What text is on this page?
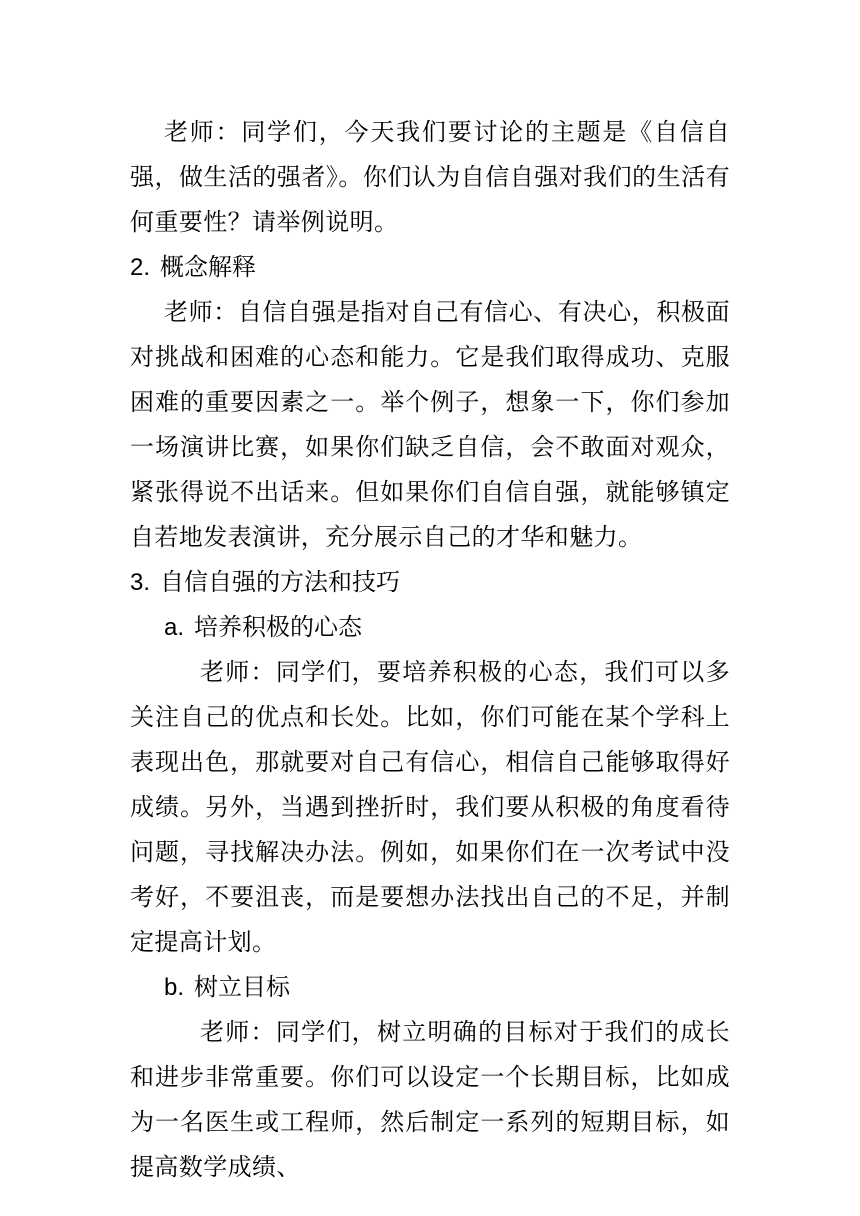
老师：同学们，今天我们要讨论的主题是《自信自强，做生活的强者》。你们认为自信自强对我们的生活有何重要性？请举例说明。

2. 概念解释

老师：自信自强是指对自己有信心、有决心，积极面对挑战和困难的心态和能力。它是我们取得成功、克服困难的重要因素之一。举个例子，想象一下，你们参加一场演讲比赛，如果你们缺乏自信，会不敢面对观众，紧张得说不出话来。但如果你们自信自强，就能够镇定自若地发表演讲，充分展示自己的才华和魅力。

3. 自信自强的方法和技巧

a. 培养积极的心态

老师：同学们，要培养积极的心态，我们可以多关注自己的优点和长处。比如，你们可能在某个学科上表现出色，那就要对自己有信心，相信自己能够取得好成绩。另外，当遇到挫折时，我们要从积极的角度看待问题，寻找解决办法。例如，如果你们在一次考试中没考好，不要沮丧，而是要想办法找出自己的不足，并制定提高计划。

b. 树立目标

老师：同学们，树立明确的目标对于我们的成长和进步非常重要。你们可以设定一个长期目标，比如成为一名医生或工程师，然后制定一系列的短期目标，如提高数学成绩、
